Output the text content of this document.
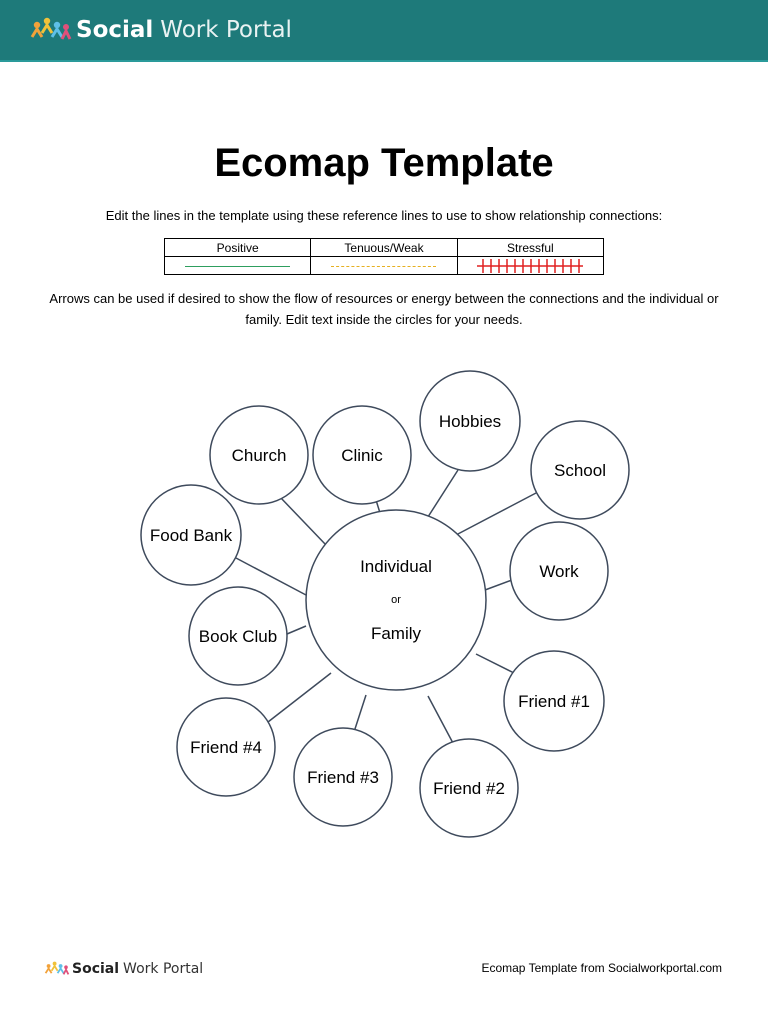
Social Work Portal
Ecomap Template
Edit the lines in the template using these reference lines to use to show relationship connections:
Positive	Tenuous/Weak	Stressful

Arrows can be used if desired to show the flow of resources or energy between the connections and the individual or family. Edit text inside the circles for your needs.
Individual
or
Family
Hobbies
Clinic
Church
School
Food Bank
Work
Book Club
Friend #1
Friend #4
Friend #3
Friend #2
Social Work Portal	Ecomap Template from Socialworkportal.com
